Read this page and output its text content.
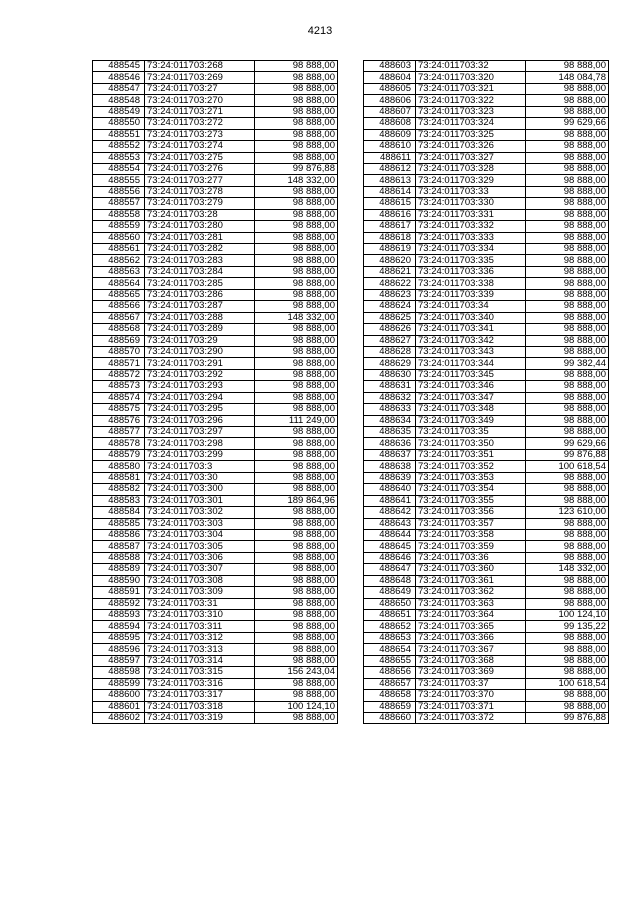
4213
488545	73:24:011703:268	98 888,00
488546	73:24:011703:269	98 888,00
488547	73:24:011703:27	98 888,00
488548	73:24:011703:270	98 888,00
488549	73:24:011703:271	98 888,00
488550	73:24:011703:272	98 888,00
488551	73:24:011703:273	98 888,00
488552	73:24:011703:274	98 888,00
488553	73:24:011703:275	98 888,00
488554	73:24:011703:276	99 876,88
488555	73:24:011703:277	148 332,00
488556	73:24:011703:278	98 888,00
488557	73:24:011703:279	98 888,00
488558	73:24:011703:28	98 888,00
488559	73:24:011703:280	98 888,00
488560	73:24:011703:281	98 888,00
488561	73:24:011703:282	98 888,00
488562	73:24:011703:283	98 888,00
488563	73:24:011703:284	98 888,00
488564	73:24:011703:285	98 888,00
488565	73:24:011703:286	98 888,00
488566	73:24:011703:287	98 888,00
488567	73:24:011703:288	148 332,00
488568	73:24:011703:289	98 888,00
488569	73:24:011703:29	98 888,00
488570	73:24:011703:290	98 888,00
488571	73:24:011703:291	98 888,00
488572	73:24:011703:292	98 888,00
488573	73:24:011703:293	98 888,00
488574	73:24:011703:294	98 888,00
488575	73:24:011703:295	98 888,00
488576	73:24:011703:296	111 249,00
488577	73:24:011703:297	98 888,00
488578	73:24:011703:298	98 888,00
488579	73:24:011703:299	98 888,00
488580	73:24:011703:3	98 888,00
488581	73:24:011703:30	98 888,00
488582	73:24:011703:300	98 888,00
488583	73:24:011703:301	189 864,96
488584	73:24:011703:302	98 888,00
488585	73:24:011703:303	98 888,00
488586	73:24:011703:304	98 888,00
488587	73:24:011703:305	98 888,00
488588	73:24:011703:306	98 888,00
488589	73:24:011703:307	98 888,00
488590	73:24:011703:308	98 888,00
488591	73:24:011703:309	98 888,00
488592	73:24:011703:31	98 888,00
488593	73:24:011703:310	98 888,00
488594	73:24:011703:311	98 888,00
488595	73:24:011703:312	98 888,00
488596	73:24:011703:313	98 888,00
488597	73:24:011703:314	98 888,00
488598	73:24:011703:315	156 243,04
488599	73:24:011703:316	98 888,00
488600	73:24:011703:317	98 888,00
488601	73:24:011703:318	100 124,10
488602	73:24:011703:319	98 888,00
488603	73:24:011703:32	98 888,00
488604	73:24:011703:320	148 084,78
488605	73:24:011703:321	98 888,00
488606	73:24:011703:322	98 888,00
488607	73:24:011703:323	98 888,00
488608	73:24:011703:324	99 629,66
488609	73:24:011703:325	98 888,00
488610	73:24:011703:326	98 888,00
488611	73:24:011703:327	98 888,00
488612	73:24:011703:328	98 888,00
488613	73:24:011703:329	98 888,00
488614	73:24:011703:33	98 888,00
488615	73:24:011703:330	98 888,00
488616	73:24:011703:331	98 888,00
488617	73:24:011703:332	98 888,00
488618	73:24:011703:333	98 888,00
488619	73:24:011703:334	98 888,00
488620	73:24:011703:335	98 888,00
488621	73:24:011703:336	98 888,00
488622	73:24:011703:338	98 888,00
488623	73:24:011703:339	98 888,00
488624	73:24:011703:34	98 888,00
488625	73:24:011703:340	98 888,00
488626	73:24:011703:341	98 888,00
488627	73:24:011703:342	98 888,00
488628	73:24:011703:343	98 888,00
488629	73:24:011703:344	99 382,44
488630	73:24:011703:345	98 888,00
488631	73:24:011703:346	98 888,00
488632	73:24:011703:347	98 888,00
488633	73:24:011703:348	98 888,00
488634	73:24:011703:349	98 888,00
488635	73:24:011703:35	98 888,00
488636	73:24:011703:350	99 629,66
488637	73:24:011703:351	99 876,88
488638	73:24:011703:352	100 618,54
488639	73:24:011703:353	98 888,00
488640	73:24:011703:354	98 888,00
488641	73:24:011703:355	98 888,00
488642	73:24:011703:356	123 610,00
488643	73:24:011703:357	98 888,00
488644	73:24:011703:358	98 888,00
488645	73:24:011703:359	98 888,00
488646	73:24:011703:36	98 888,00
488647	73:24:011703:360	148 332,00
488648	73:24:011703:361	98 888,00
488649	73:24:011703:362	98 888,00
488650	73:24:011703:363	98 888,00
488651	73:24:011703:364	100 124,10
488652	73:24:011703:365	99 135,22
488653	73:24:011703:366	98 888,00
488654	73:24:011703:367	98 888,00
488655	73:24:011703:368	98 888,00
488656	73:24:011703:369	98 888,00
488657	73:24:011703:37	100 618,54
488658	73:24:011703:370	98 888,00
488659	73:24:011703:371	98 888,00
488660	73:24:011703:372	99 876,88
